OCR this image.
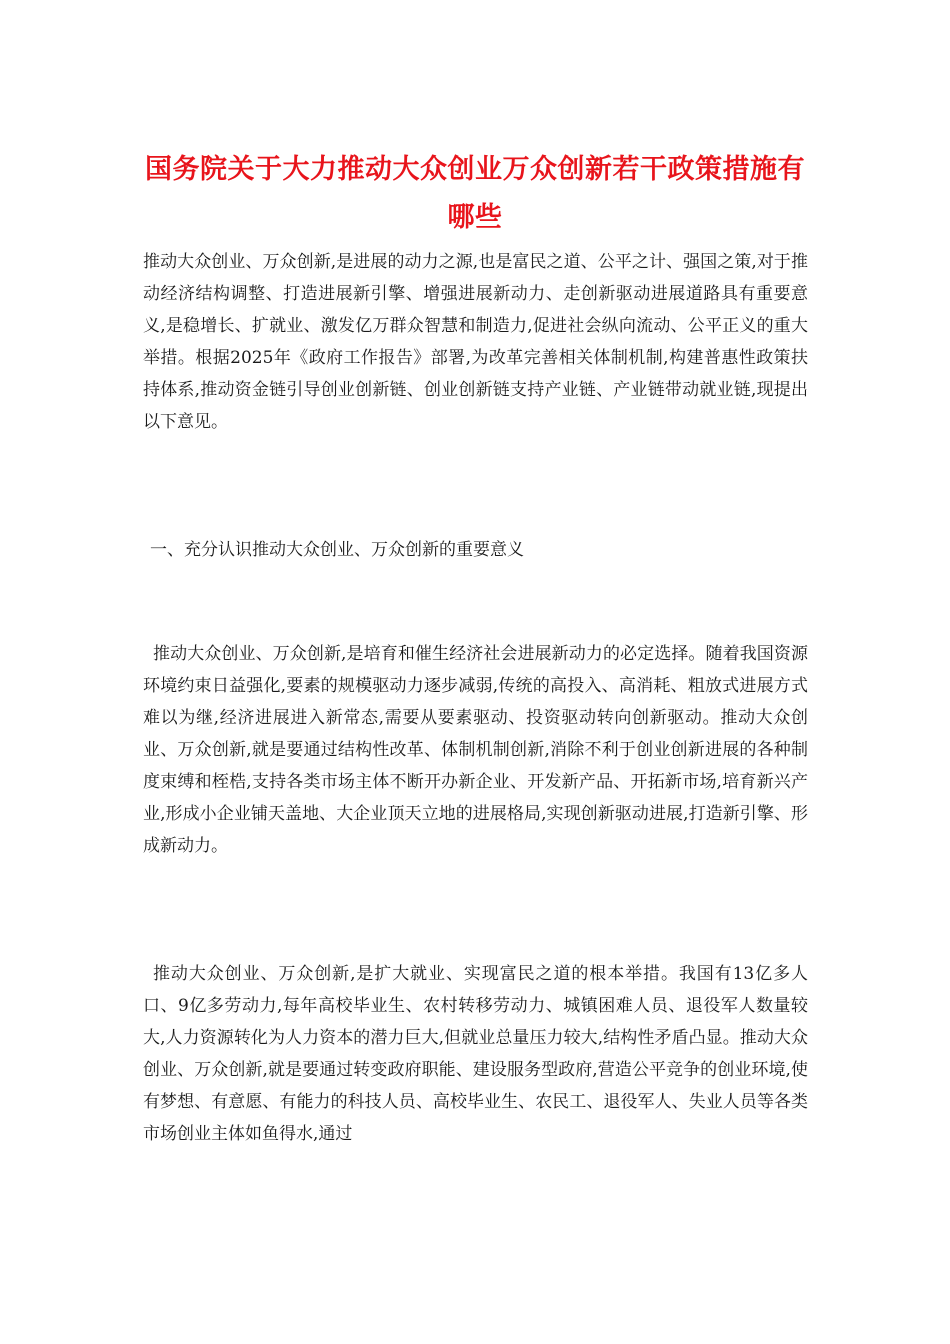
国务院关于大力推动大众创业万众创新若干政策措施有哪些

推动大众创业、万众创新,是进展的动力之源,也是富民之道、公平之计、强国之策,对于推动经济结构调整、打造进展新引擎、增强进展新动力、走创新驱动进展道路具有重要意义,是稳增长、扩就业、激发亿万群众智慧和制造力,促进社会纵向流动、公平正义的重大举措。根据2025年《政府工作报告》部署,为改革完善相关体制机制,构建普惠性政策扶持体系,推动资金链引导创业创新链、创业创新链支持产业链、产业链带动就业链,现提出以下意见。

一、充分认识推动大众创业、万众创新的重要意义

推动大众创业、万众创新,是培育和催生经济社会进展新动力的必定选择。随着我国资源环境约束日益强化,要素的规模驱动力逐步减弱,传统的高投入、高消耗、粗放式进展方式难以为继,经济进展进入新常态,需要从要素驱动、投资驱动转向创新驱动。推动大众创业、万众创新,就是要通过结构性改革、体制机制创新,消除不利于创业创新进展的各种制度束缚和桎梏,支持各类市场主体不断开办新企业、开发新产品、开拓新市场,培育新兴产业,形成小企业铺天盖地、大企业顶天立地的进展格局,实现创新驱动进展,打造新引擎、形成新动力。

推动大众创业、万众创新,是扩大就业、实现富民之道的根本举措。我国有13亿多人口、9亿多劳动力,每年高校毕业生、农村转移劳动力、城镇困难人员、退役军人数量较大,人力资源转化为人力资本的潜力巨大,但就业总量压力较大,结构性矛盾凸显。推动大众创业、万众创新,就是要通过转变政府职能、建设服务型政府,营造公平竞争的创业环境,使有梦想、有意愿、有能力的科技人员、高校毕业生、农民工、退役军人、失业人员等各类市场创业主体如鱼得水,通过
